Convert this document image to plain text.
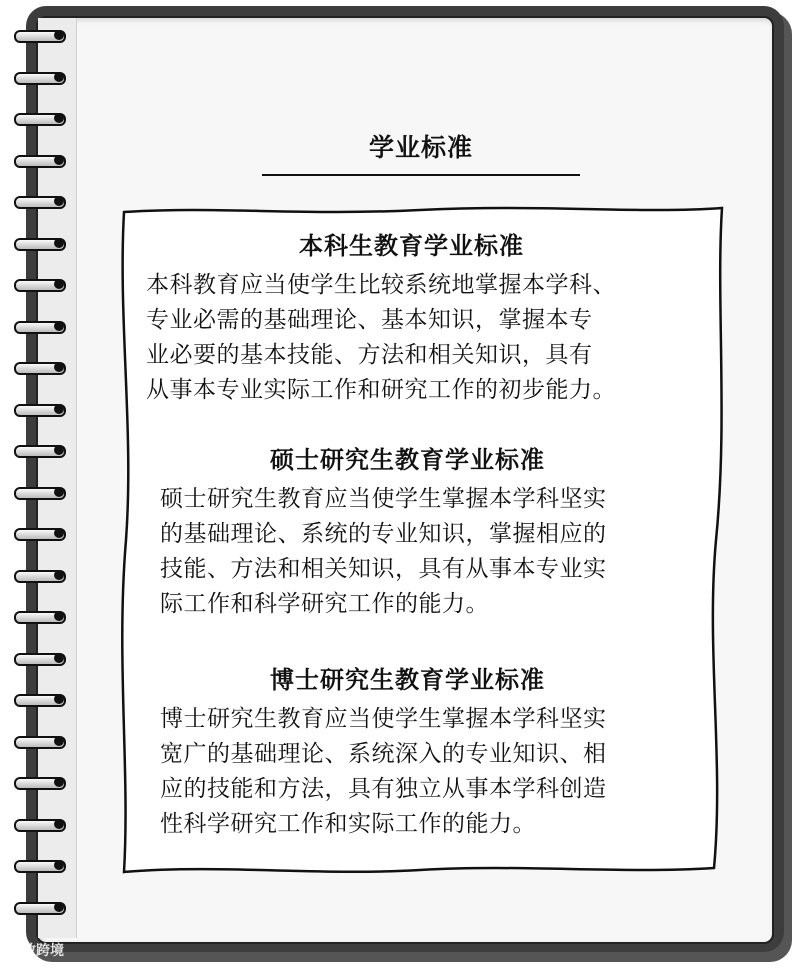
学业标准
本科生教育学业标准
本科教育应当使学生比较系统地掌握本学科、
专业必需的基础理论、基本知识，掌握本专
业必要的基本技能、方法和相关知识，具有
从事本专业实际工作和研究工作的初步能力。
硕士研究生教育学业标准
硕士研究生教育应当使学生掌握本学科坚实
的基础理论、系统的专业知识，掌握相应的
技能、方法和相关知识，具有从事本专业实
际工作和科学研究工作的能力。
博士研究生教育学业标准
博士研究生教育应当使学生掌握本学科坚实
宽广的基础理论、系统深入的专业知识、相
应的技能和方法，具有独立从事本学科创造
性科学研究工作和实际工作的能力。
大数跨境
